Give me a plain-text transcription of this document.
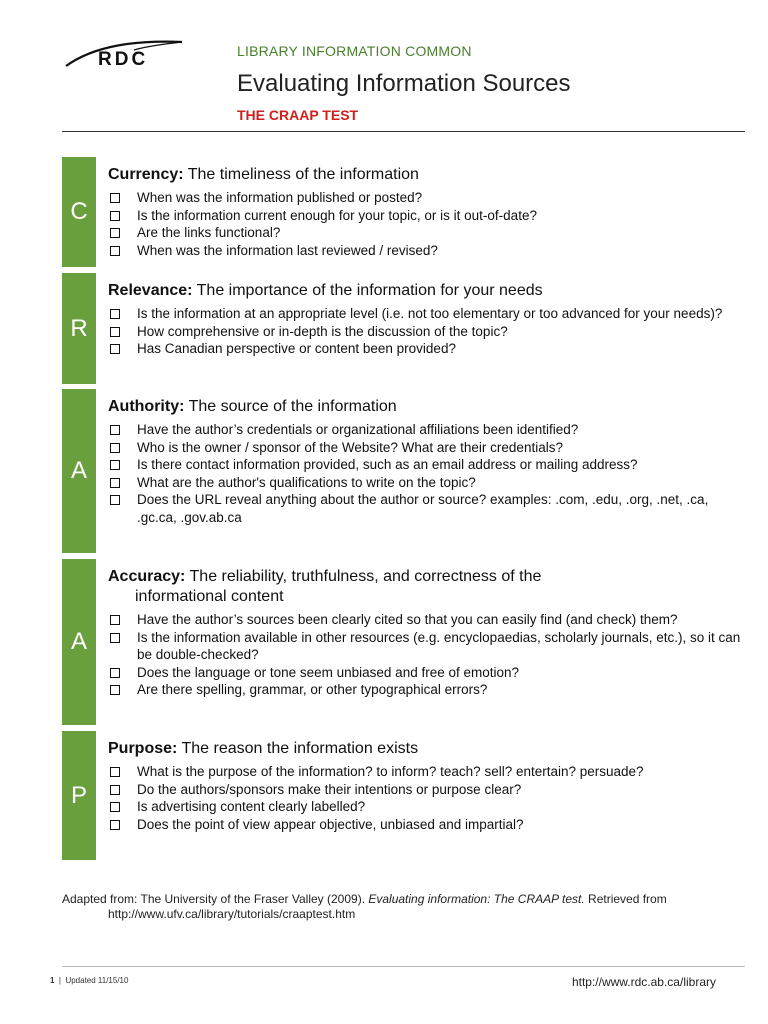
RDC	LIBRARY INFORMATION COMMON
Evaluating Information Sources
THE CRAAP TEST
C
Currency: The timeliness of the information
When was the information published or posted?
Is the information current enough for your topic, or is it out-of-date?
Are the links functional?
When was the information last reviewed / revised?
R
Relevance: The importance of the information for your needs
Is the information at an appropriate level (i.e. not too elementary or too advanced for your needs)?
How comprehensive or in-depth is the discussion of the topic?
Has Canadian perspective or content been provided?
A
Authority: The source of the information
Have the author’s credentials or organizational affiliations been identified?
Who is the owner / sponsor of the Website? What are their credentials?
Is there contact information provided, such as an email address or mailing address?
What are the author's qualifications to write on the topic?
Does the URL reveal anything about the author or source? examples: .com, .edu, .org, .net, .ca, .gc.ca, .gov.ab.ca
A
Accuracy: The reliability, truthfulness, and correctness of the
informational content
Have the author’s sources been clearly cited so that you can easily find (and check) them?
Is the information available in other resources (e.g. encyclopaedias, scholarly journals, etc.), so it can be double-checked?
Does the language or tone seem unbiased and free of emotion?
Are there spelling, grammar, or other typographical errors?
P
Purpose: The reason the information exists
What is the purpose of the information? to inform? teach? sell? entertain? persuade?
Do the authors/sponsors make their intentions or purpose clear?
Is advertising content clearly labelled?
Does the point of view appear objective, unbiased and impartial?
Adapted from: The University of the Fraser Valley (2009). Evaluating information: The CRAAP test. Retrieved from
http://www.ufv.ca/library/tutorials/craaptest.htm
1 | Updated 11/15/10	http://www.rdc.ab.ca/library
